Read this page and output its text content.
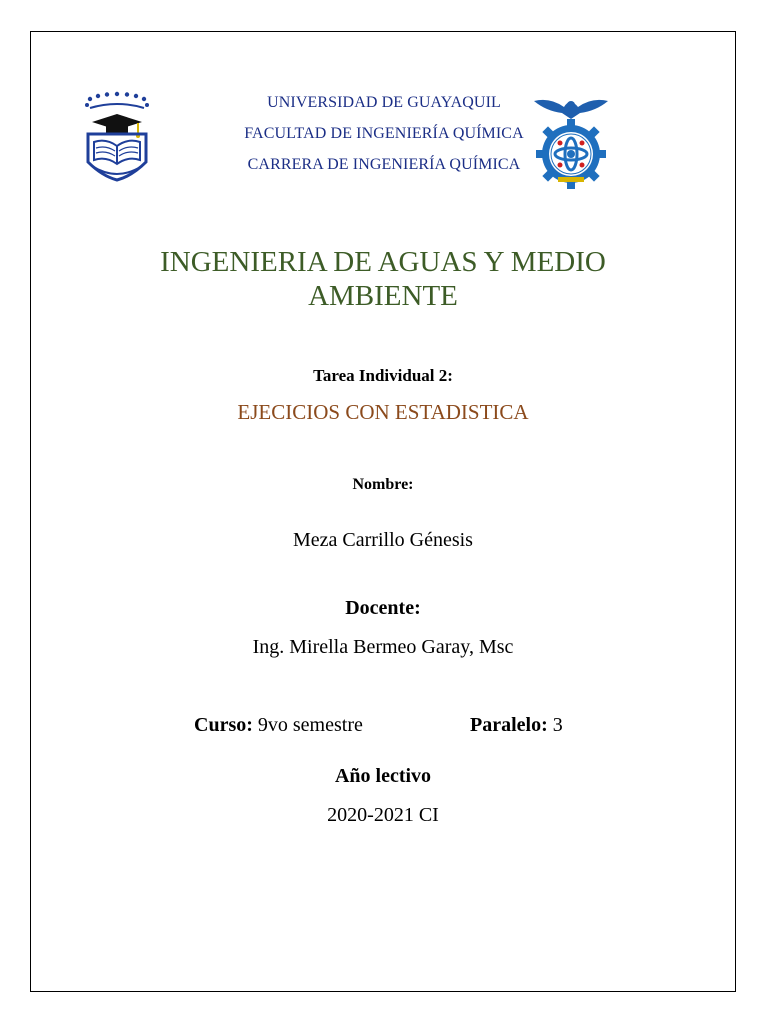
UNIVERSIDAD DE GUAYAQUIL
FACULTAD DE INGENIERÍA QUÍMICA
CARRERA DE INGENIERÍA QUÍMICA
INGENIERIA DE AGUAS Y MEDIO
AMBIENTE
Tarea Individual 2:
EJECICIOS CON ESTADISTICA
Nombre:
Meza Carrillo Génesis
Docente:
Ing. Mirella Bermeo Garay, Msc
Curso: 9vo semestre	Paralelo: 3
Año lectivo
2020-2021 CI
